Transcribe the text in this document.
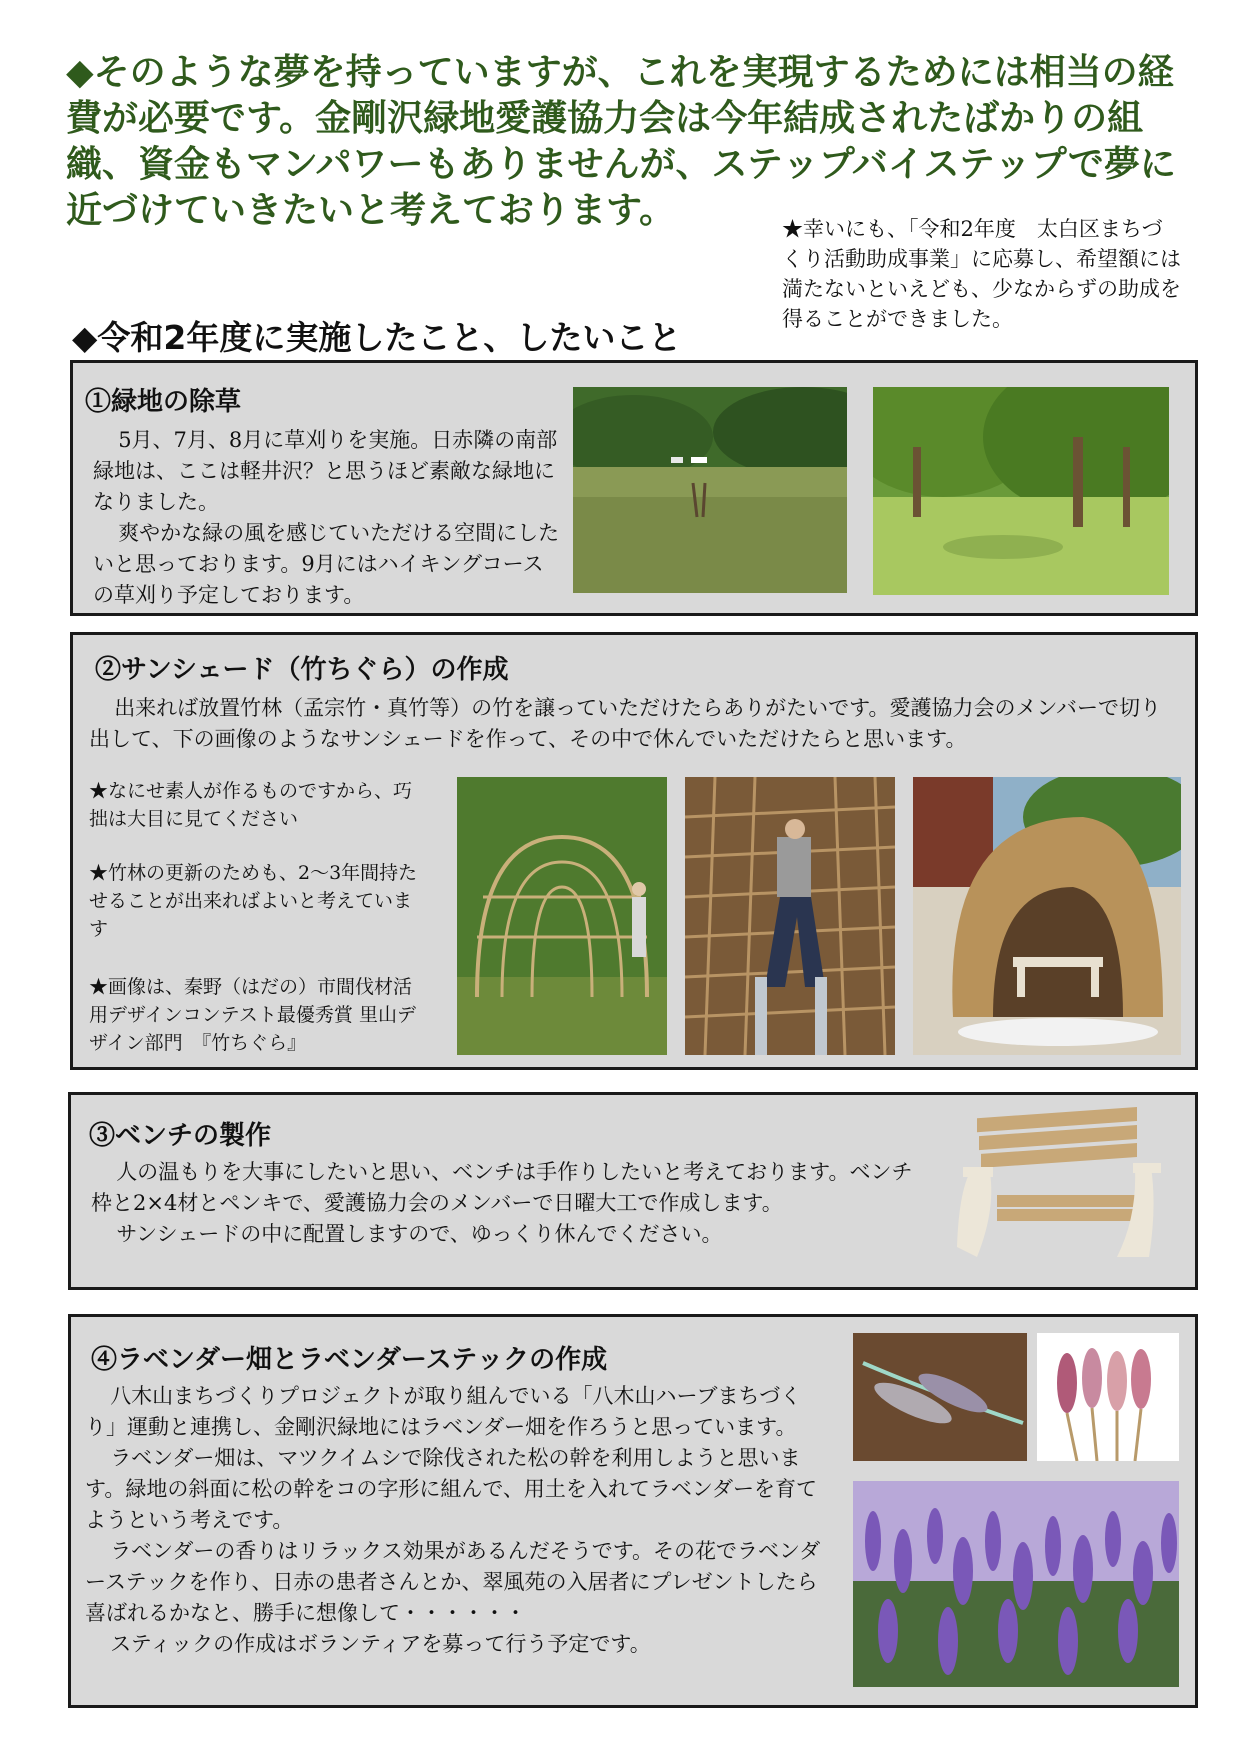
◆そのような夢を持っていますが、これを実現するためには相当の経費が必要です。金剛沢緑地愛護協力会は今年結成されたばかりの組織、資金もマンパワーもありませんが、ステップバイステップで夢に近づけていきたいと考えております。	★幸いにも、「令和2年度　太白区まちづくり活動助成事業」に応募し、希望額には満たないといえども、少なからずの助成を得ることができました。

◆令和2年度に実施したこと、したいこと
①緑地の除草

5月、7月、8月に草刈りを実施。日赤隣の南部緑地は、ここは軽井沢？と思うほど素敵な緑地になりました。

爽やかな緑の風を感じていただける空間にしたいと思っております。9月にはハイキングコースの草刈り予定しております。

②サンシェード（竹ちぐら）の作成

出来れば放置竹林（孟宗竹・真竹等）の竹を譲っていただけたらありがたいです。愛護協力会のメンバーで切り出して、下の画像のようなサンシェードを作って、その中で休んでいただけたらと思います。

★なにせ素人が作るものですから、巧拙は大目に見てください

★竹林の更新のためも、2～3年間持たせることが出来ればよいと考えています

★画像は、秦野（はだの）市間伐材活用デザインコンテスト最優秀賞 里山デザイン部門　『竹ちぐら』

③ベンチの製作

人の温もりを大事にしたいと思い、ベンチは手作りしたいと考えております。ベンチ枠と2×4材とペンキで、愛護協力会のメンバーで日曜大工で作成します。

サンシェードの中に配置しますので、ゆっくり休んでください。

④ラベンダー畑とラベンダーステックの作成

八木山まちづくりプロジェクトが取り組んでいる「八木山ハーブまちづくり」運動と連携し、金剛沢緑地にはラベンダー畑を作ろうと思っています。

ラベンダー畑は、マツクイムシで除伐された松の幹を利用しようと思います。緑地の斜面に松の幹をコの字形に組んで、用土を入れてラベンダーを育てようという考えです。

ラベンダーの香りはリラックス効果があるんだそうです。その花でラベンダーステックを作り、日赤の患者さんとか、翠風苑の入居者にプレゼントしたら喜ばれるかなと、勝手に想像して・・・・・・

スティックの作成はボランティアを募って行う予定です。
